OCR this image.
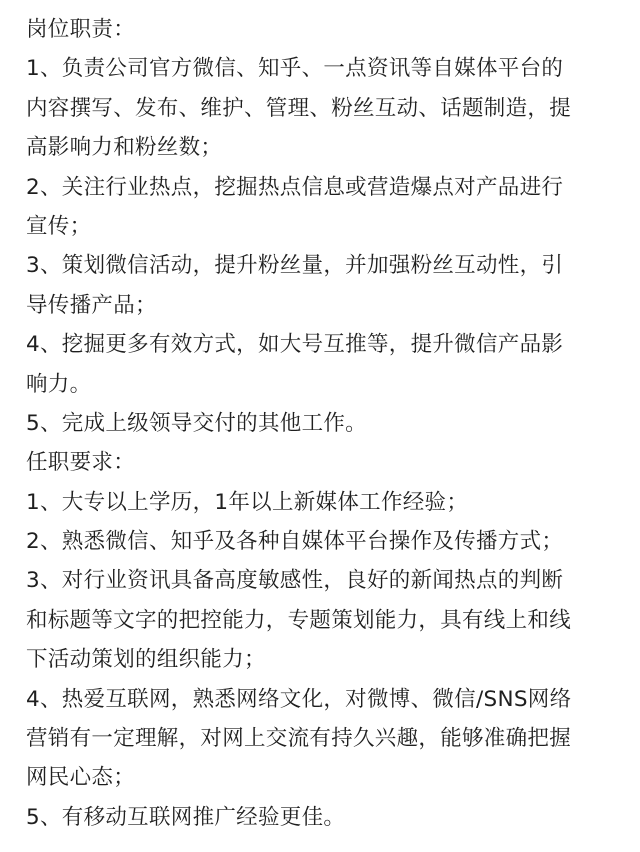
岗位职责：
1、负责公司官方微信、知乎、一点资讯等自媒体平台的
内容撰写、发布、维护、管理、粉丝互动、话题制造，提
高影响力和粉丝数；
2、关注行业热点，挖掘热点信息或营造爆点对产品进行
宣传；
3、策划微信活动，提升粉丝量，并加强粉丝互动性，引
导传播产品；
4、挖掘更多有效方式，如大号互推等，提升微信产品影
响力。
5、完成上级领导交付的其他工作。
任职要求：
1、大专以上学历，1年以上新媒体工作经验；
2、熟悉微信、知乎及各种自媒体平台操作及传播方式；
3、对行业资讯具备高度敏感性，良好的新闻热点的判断
和标题等文字的把控能力，专题策划能力，具有线上和线
下活动策划的组织能力；
4、热爱互联网，熟悉网络文化，对微博、微信/SNS网络
营销有一定理解，对网上交流有持久兴趣，能够准确把握
网民心态；
5、有移动互联网推广经验更佳。
